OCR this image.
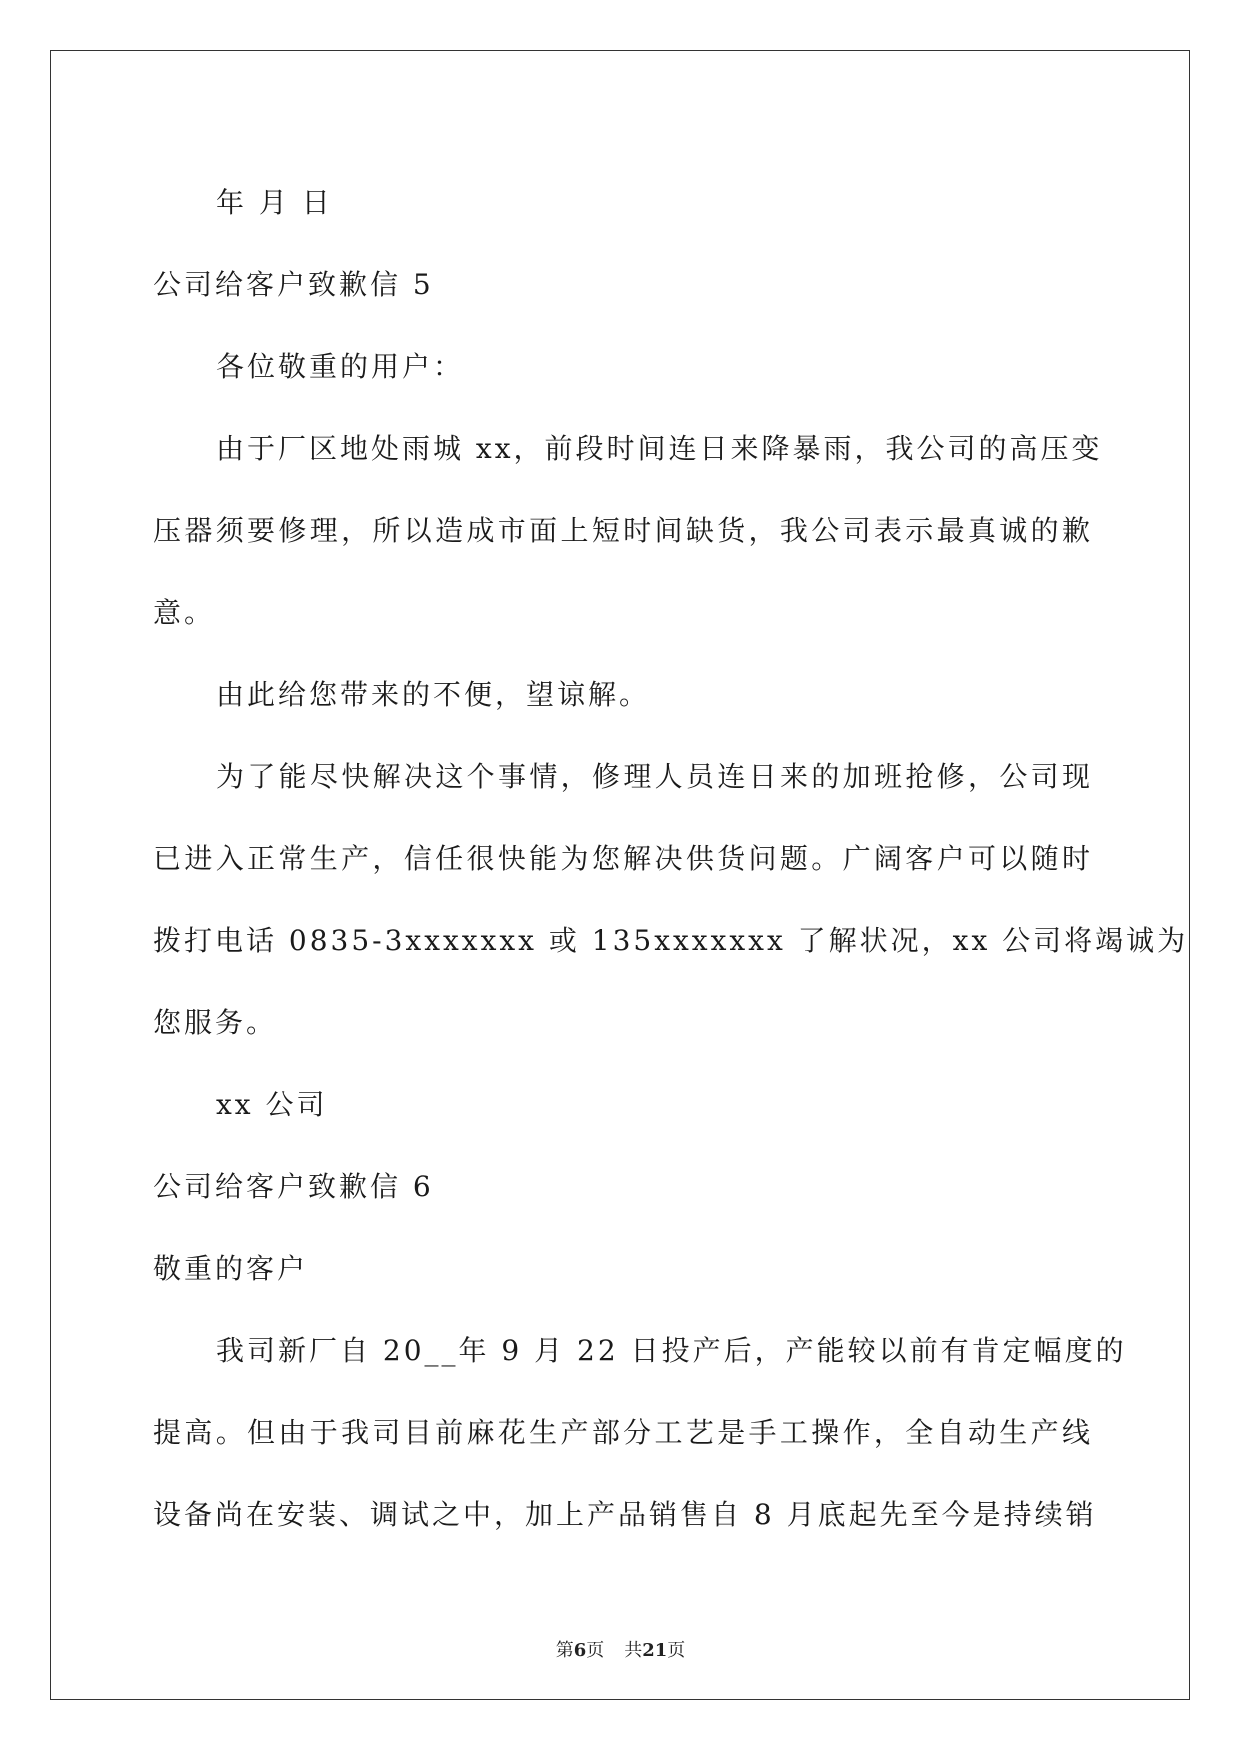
年 月 日
公司给客户致歉信 5
各位敬重的用户：
由于厂区地处雨城 xx，前段时间连日来降暴雨，我公司的高压变
压器须要修理，所以造成市面上短时间缺货，我公司表示最真诚的歉
意。
由此给您带来的不便，望谅解。
为了能尽快解决这个事情，修理人员连日来的加班抢修，公司现
已进入正常生产，信任很快能为您解决供货问题。广阔客户可以随时
拨打电话 0835-3xxxxxxx 或 135xxxxxxx 了解状况，xx 公司将竭诚为
您服务。
xx 公司
公司给客户致歉信 6
敬重的客户
我司新厂自 20__年 9 月 22 日投产后，产能较以前有肯定幅度的
提高。但由于我司目前麻花生产部分工艺是手工操作，全自动生产线
设备尚在安装、调试之中，加上产品销售自 8 月底起先至今是持续销
第6页 共21页
